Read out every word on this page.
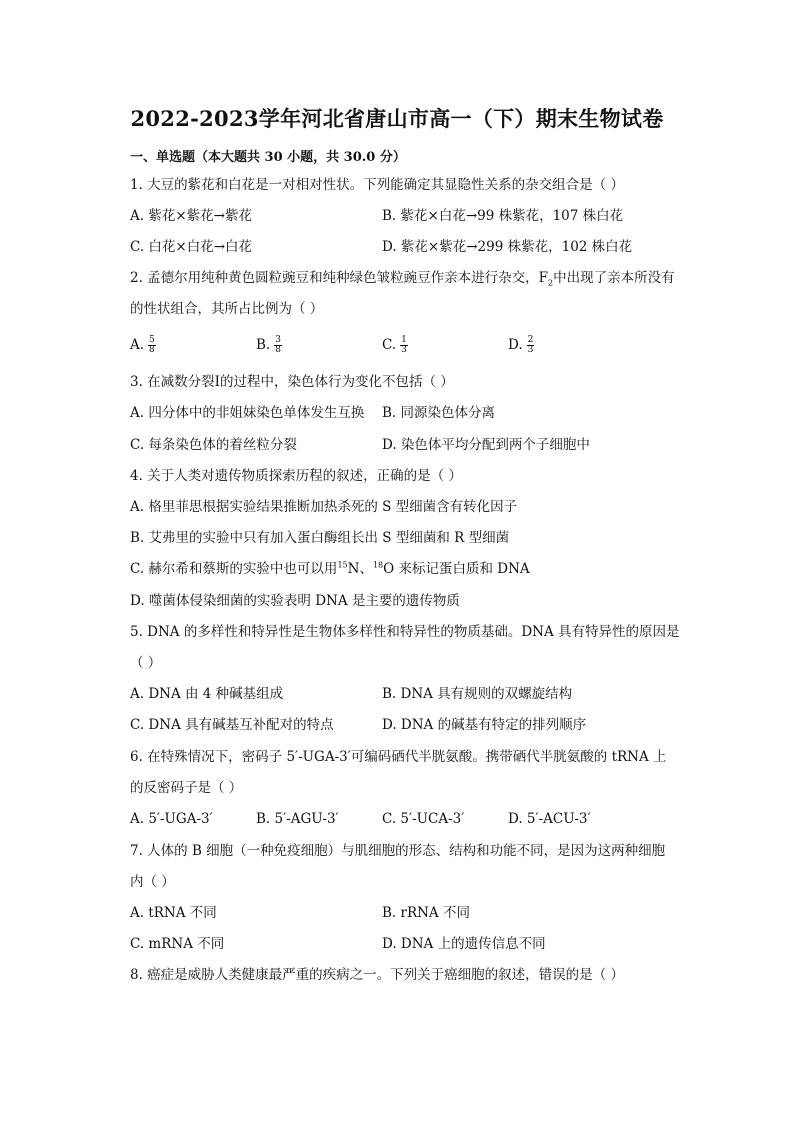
2022-2023学年河北省唐山市高一（下）期末生物试卷
一、单选题（本大题共 30 小题，共 30.0 分）
1. 大豆的紫花和白花是一对相对性状。下列能确定其显隐性关系的杂交组合是（ ）
A. 紫花×紫花→紫花	B. 紫花×白花→99 株紫花，107 株白花
C. 白花×白花→白花	D. 紫花×紫花→299 株紫花，102 株白花
2. 孟德尔用纯种黄色圆粒豌豆和纯种绿色皱粒豌豆作亲本进行杂交，$F_2$中出现了亲本所没有
的性状组合，其所占比例为（ ）
A. $\frac{5}{8}$	B. $\frac{3}{8}$	C. $\frac{1}{3}$	D. $\frac{2}{3}$
3. 在减数分裂Ⅰ的过程中，染色体行为变化不包括（ ）
A. 四分体中的非姐妹染色单体发生互换 B. 同源染色体分离
C. 每条染色体的着丝粒分裂	D. 染色体平均分配到两个子细胞中
4. 关于人类对遗传物质探索历程的叙述，正确的是（ ）
A. 格里菲思根据实验结果推断加热杀死的 S 型细菌含有转化因子
B. 艾弗里的实验中只有加入蛋白酶组长出 S 型细菌和 R 型细菌
C. 赫尔希和蔡斯的实验中也可以用$^{15}$N、$^{18}$O 来标记蛋白质和 DNA
D. 噬菌体侵染细菌的实验表明 DNA 是主要的遗传物质
5. DNA 的多样性和特异性是生物体多样性和特异性的物质基础。DNA 具有特异性的原因是
（ ）
A. DNA 由 4 种碱基组成	B. DNA 具有规则的双螺旋结构
C. DNA 具有碱基互补配对的特点	D. DNA 的碱基有特定的排列顺序
6. 在特殊情况下，密码子 5′-UGA-3′可编码硒代半胱氨酸。携带硒代半胱氨酸的 tRNA 上
的反密码子是（ ）
A. 5′-UGA-3′	B. 5′-AGU-3′	C. 5′-UCA-3′	D. 5′-ACU-3′
7. 人体的 B 细胞（一种免疫细胞）与肌细胞的形态、结构和功能不同，是因为这两种细胞
内（ ）
A. tRNA 不同	B. rRNA 不同
C. mRNA 不同	D. DNA 上的遗传信息不同
8. 癌症是威胁人类健康最严重的疾病之一。下列关于癌细胞的叙述，错误的是（ ）
